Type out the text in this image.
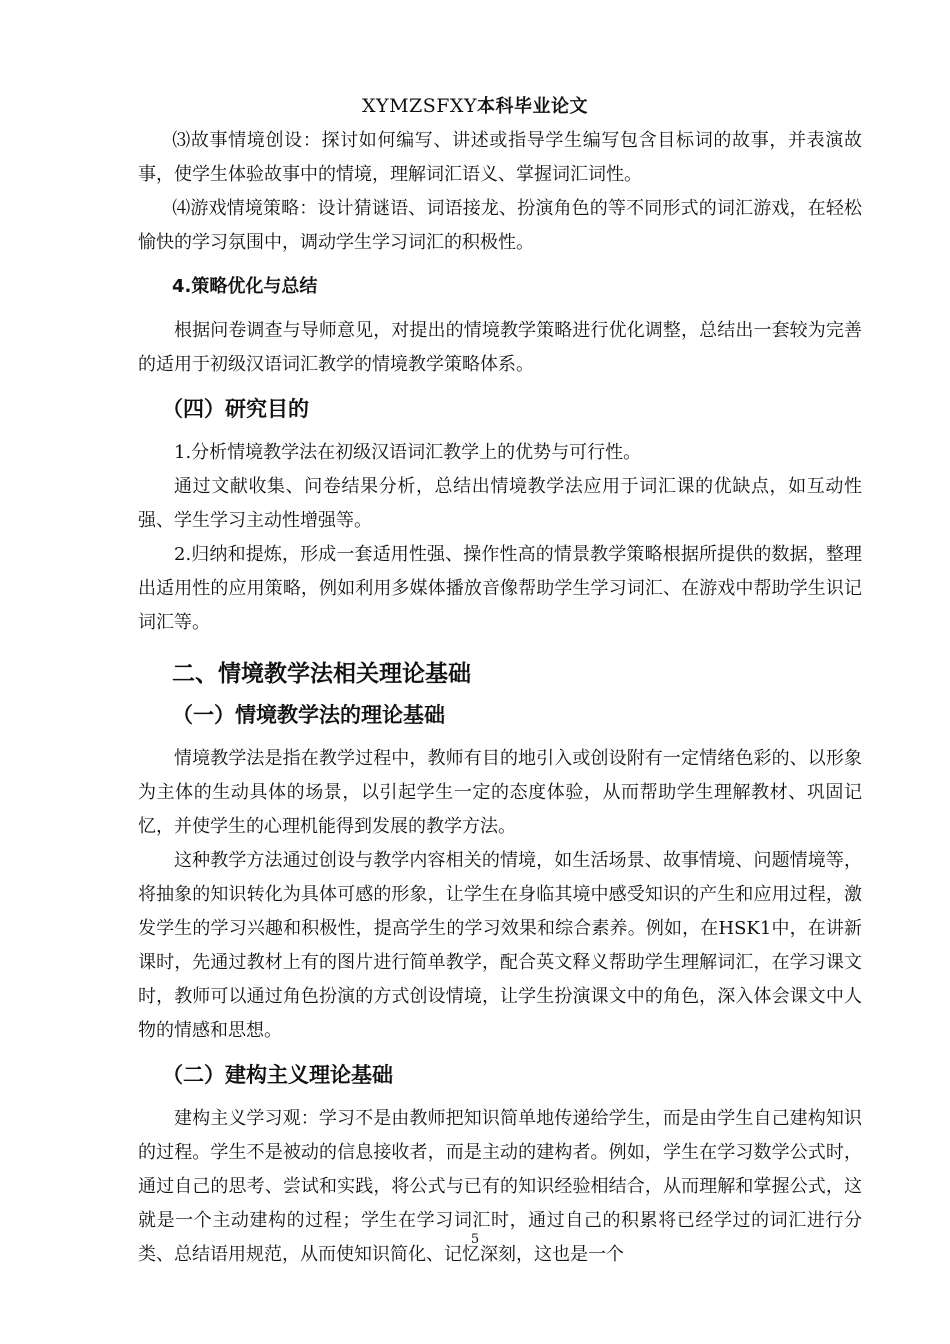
XYMZSFXY本科毕业论文

⑶故事情境创设：探讨如何编写、讲述或指导学生编写包含目标词的故事，并表演故事，使学生体验故事中的情境，理解词汇语义、掌握词汇词性。

⑷游戏情境策略：设计猜谜语、词语接龙、扮演角色的等不同形式的词汇游戏，在轻松愉快的学习氛围中，调动学生学习词汇的积极性。

4.策略优化与总结

根据问卷调查与导师意见，对提出的情境教学策略进行优化调整，总结出一套较为完善的适用于初级汉语词汇教学的情境教学策略体系。

（四）研究目的

1.分析情境教学法在初级汉语词汇教学上的优势与可行性。

通过文献收集、问卷结果分析，总结出情境教学法应用于词汇课的优缺点，如互动性强、学生学习主动性增强等。

2.归纳和提炼，形成一套适用性强、操作性高的情景教学策略根据所提供的数据，整理出适用性的应用策略，例如利用多媒体播放音像帮助学生学习词汇、在游戏中帮助学生识记词汇等。

二、情境教学法相关理论基础
（一）情境教学法的理论基础

情境教学法是指在教学过程中，教师有目的地引入或创设附有一定情绪色彩的、以形象为主体的生动具体的场景，以引起学生一定的态度体验，从而帮助学生理解教材、巩固记忆，并使学生的心理机能得到发展的教学方法。

这种教学方法通过创设与教学内容相关的情境，如生活场景、故事情境、问题情境等，将抽象的知识转化为具体可感的形象，让学生在身临其境中感受知识的产生和应用过程，激发学生的学习兴趣和积极性，提高学生的学习效果和综合素养。例如，在HSK1中，在讲新课时，先通过教材上有的图片进行简单教学，配合英文释义帮助学生理解词汇，在学习课文时，教师可以通过角色扮演的方式创设情境，让学生扮演课文中的角色，深入体会课文中人物的情感和思想。

（二）建构主义理论基础

建构主义学习观：学习不是由教师把知识简单地传递给学生，而是由学生自己建构知识的过程。学生不是被动的信息接收者，而是主动的建构者。例如，学生在学习数学公式时，通过自己的思考、尝试和实践，将公式与已有的知识经验相结合，从而理解和掌握公式，这就是一个主动建构的过程；学生在学习词汇时，通过自己的积累将已经学过的词汇进行分类、总结语用规范，从而使知识简化、记忆深刻，这也是一个

5
